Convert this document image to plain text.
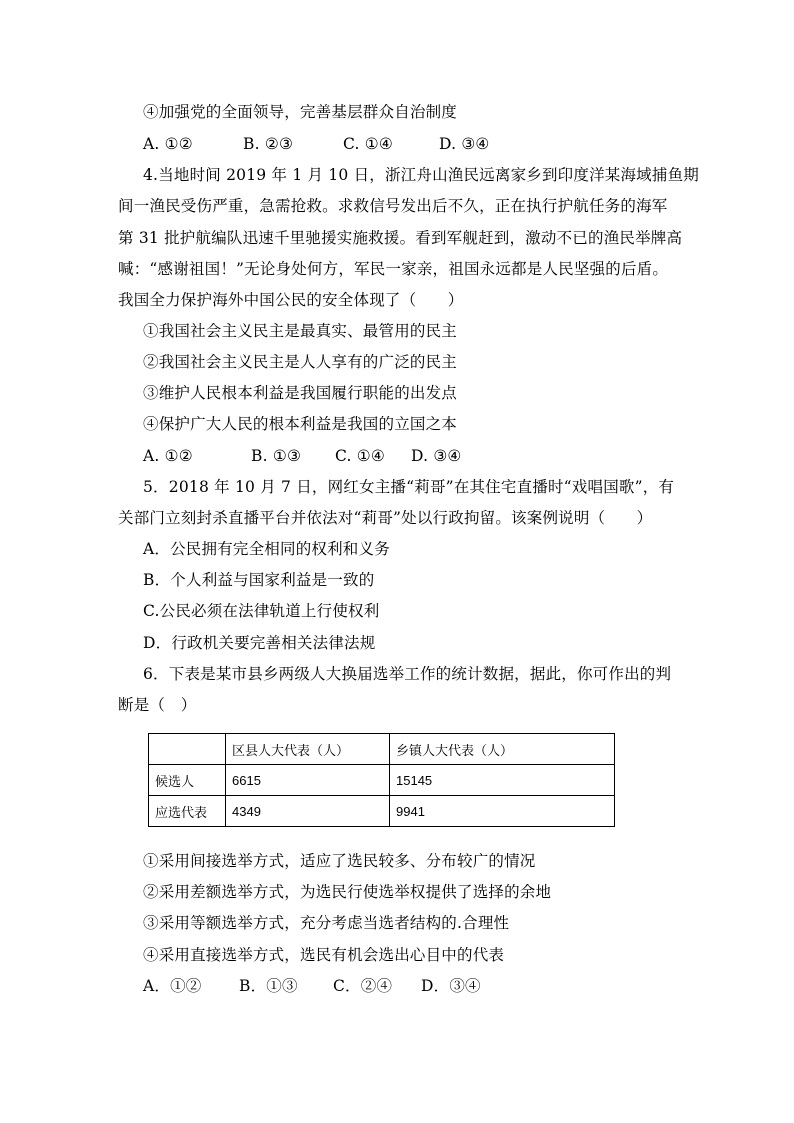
④加强党的全面领导，完善基层群众自治制度
A. ①②	B. ②③	C. ①④	D. ③④
4.当地时间 2019 年 1 月 10 日，浙江舟山渔民远离家乡到印度洋某海域捕鱼期
间一渔民受伤严重，急需抢救。求救信号发出后不久，正在执行护航任务的海军
第 31 批护航编队迅速千里驰援实施救援。看到军舰赶到，激动不已的渔民举牌高
喊：“感谢祖国！”无论身处何方，军民一家亲，祖国永远都是人民坚强的后盾。
我国全力保护海外中国公民的安全体现了（　　）
①我国社会主义民主是最真实、最管用的民主
②我国社会主义民主是人人享有的广泛的民主
③维护人民根本利益是我国履行职能的出发点
④保护广大人民的根本利益是我国的立国之本
A. ①②	B. ①③ C. ①④ D. ③④
5．2018 年 10 月 7 日，网红女主播“莉哥”在其住宅直播时“戏唱国歌”，有
关部门立刻封杀直播平台并依法对“莉哥”处以行政拘留。该案例说明（　　）
A．公民拥有完全相同的权利和义务
B．个人利益与国家利益是一致的
C.公民必须在法律轨道上行使权利
D．行政机关要完善相关法律法规
6．下表是某市县乡两级人大换届选举工作的统计数据，据此，你可作出的判
断是（　）
	区县人大代表（人）	乡镇人大代表（人）
候选人	6615	15145
应选代表	4349	9941
①采用间接选举方式，适应了选民较多、分布较广的情况
②采用差额选举方式，为选民行使选举权提供了选择的余地
③采用等额选举方式，充分考虑当选者结构的.合理性
④采用直接选举方式，选民有机会选出心目中的代表
A．①② B．①③ C．②④ D．③④
